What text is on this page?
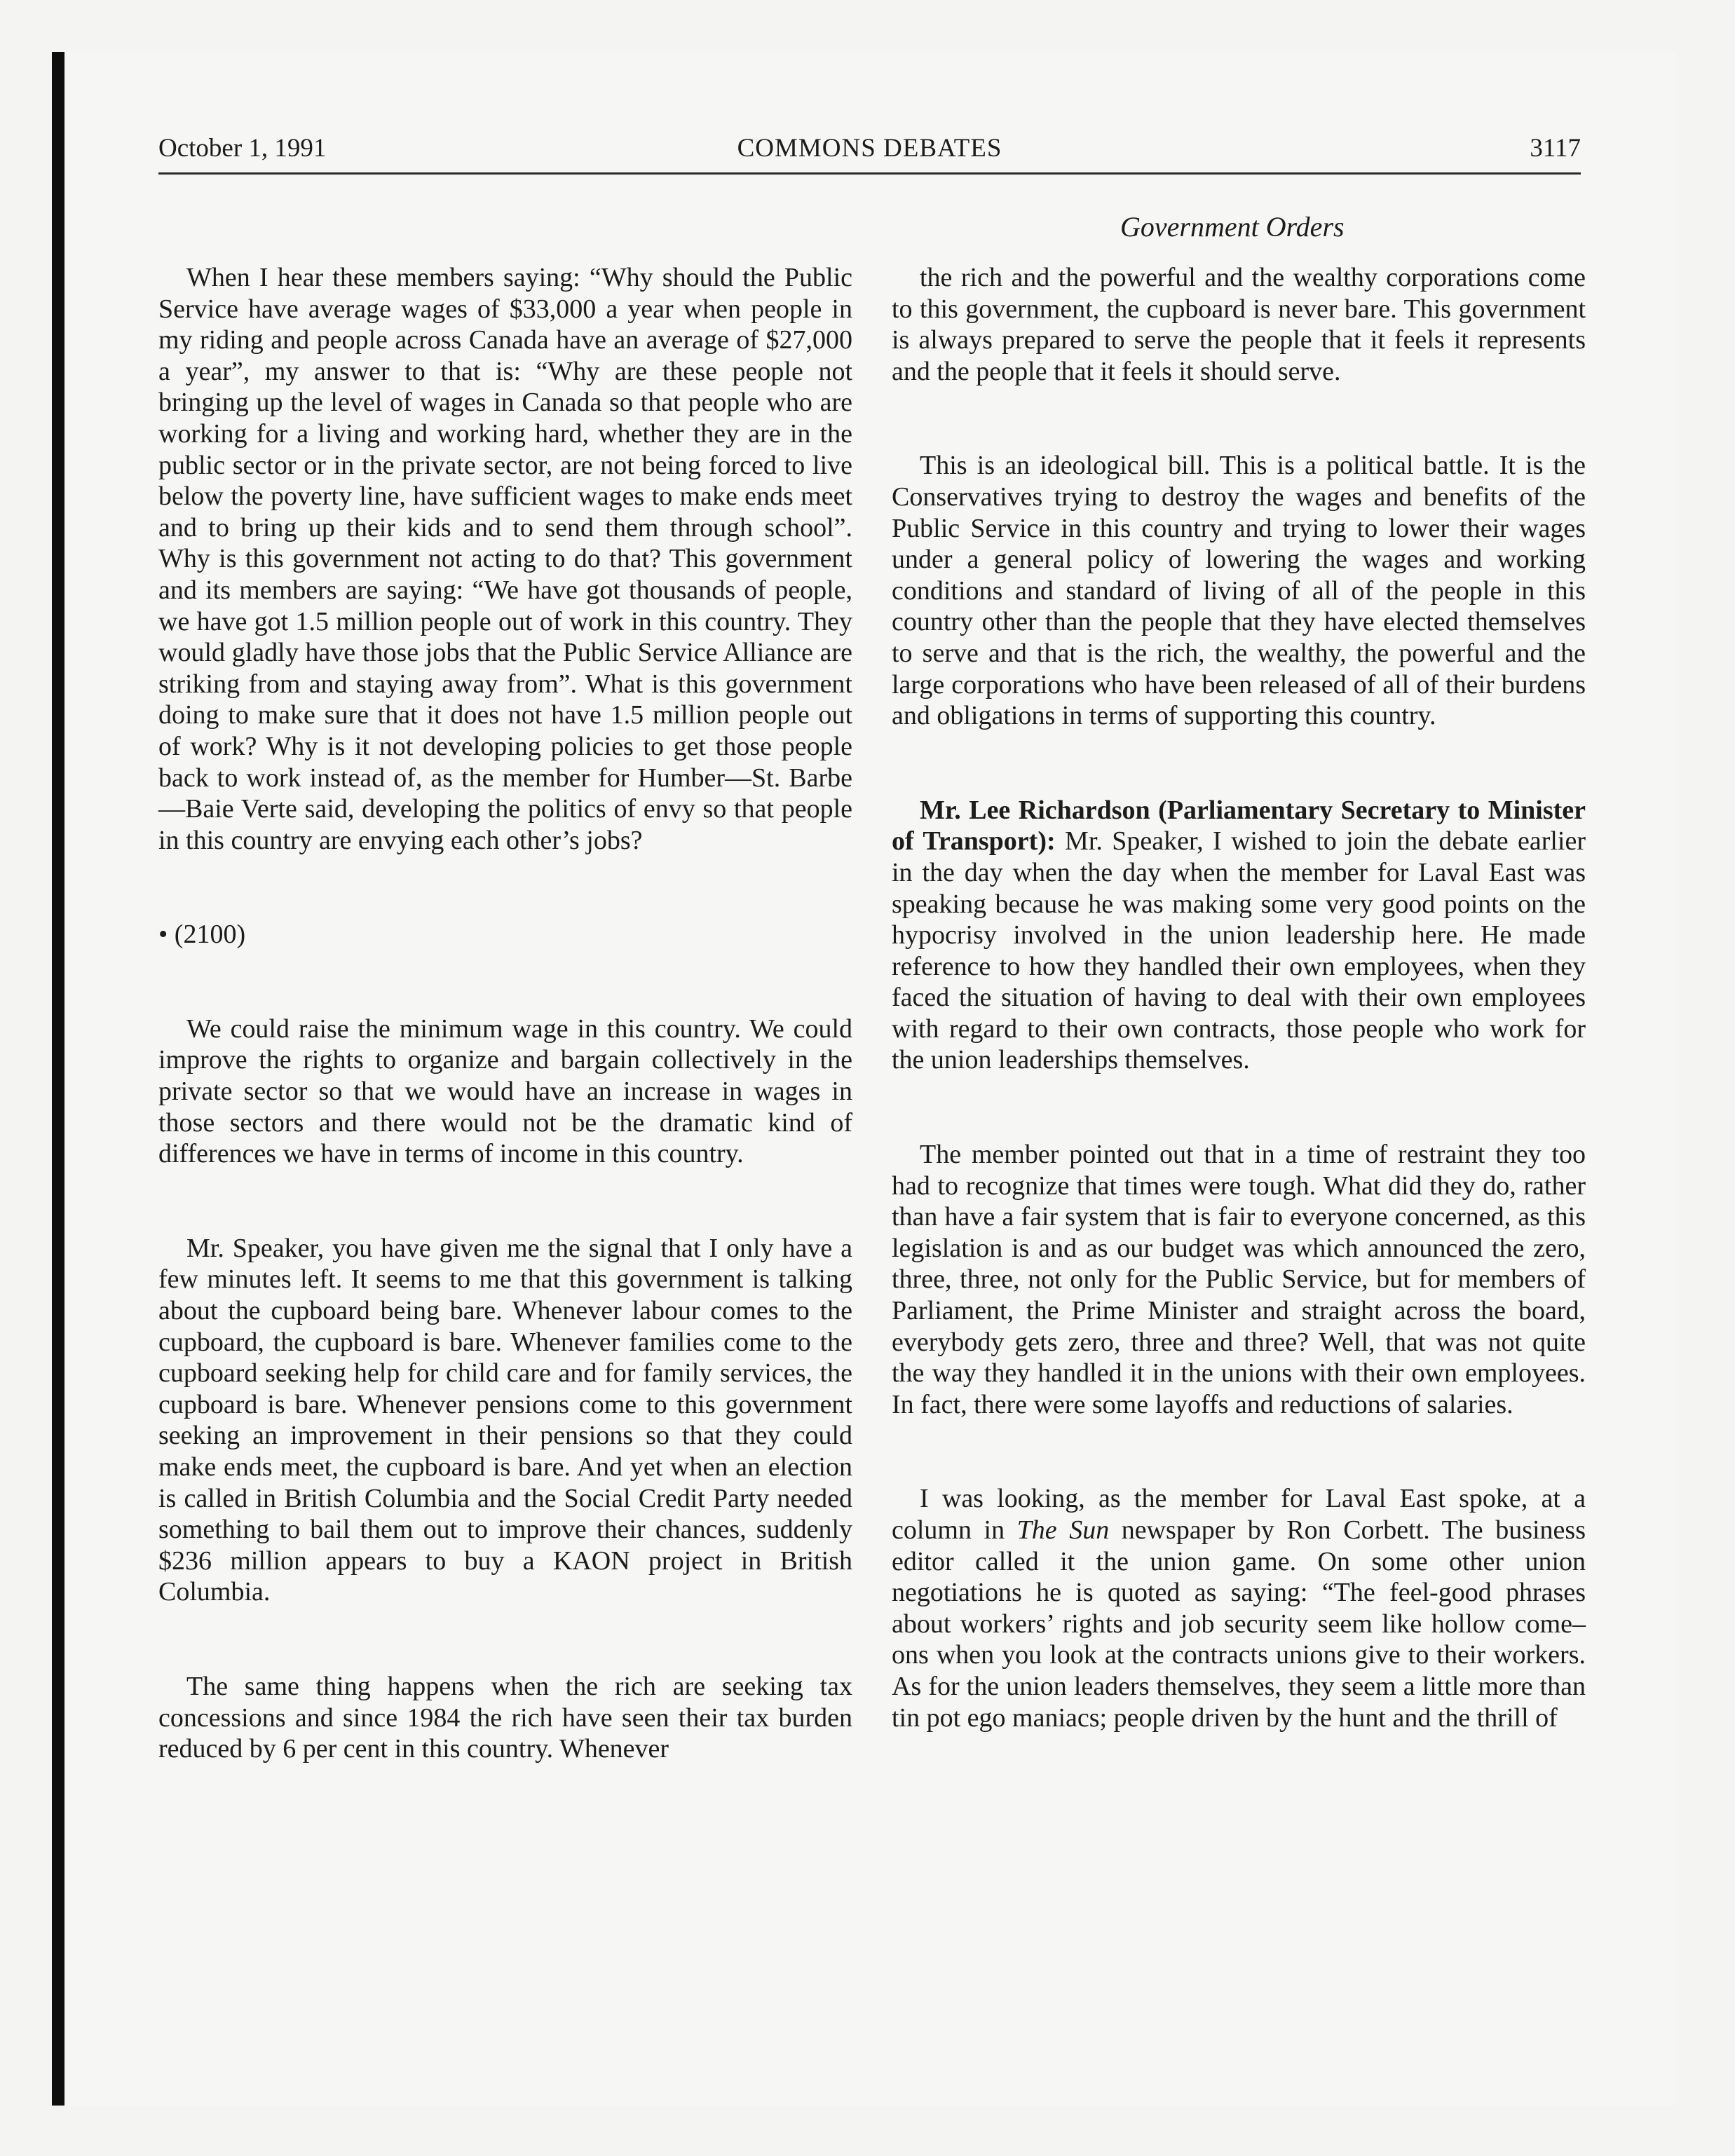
October 1, 1991	COMMONS DEBATES	3117
Government Orders

When I hear these members saying: “Why should the Public Service have average wages of $33,000 a year when people in my riding and people across Canada have an average of $27,000 a year”, my answer to that is: “Why are these people not bringing up the level of wages in Canada so that people who are working for a living and working hard, whether they are in the public sector or in the private sector, are not being forced to live below the poverty line, have sufficient wages to make ends meet and to bring up their kids and to send them through school”. Why is this government not acting to do that? This government and its members are saying: “We have got thousands of people, we have got 1.5 million people out of work in this country. They would gladly have those jobs that the Public Service Alliance are striking from and staying away from”. What is this government doing to make sure that it does not have 1.5 million people out of work? Why is it not developing policies to get those people back to work instead of, as the member for Humber—St. Barbe—Baie Verte said, developing the politics of envy so that people in this country are envying each other’s jobs?

• (2100)

We could raise the minimum wage in this country. We could improve the rights to organize and bargain collectively in the private sector so that we would have an increase in wages in those sectors and there would not be the dramatic kind of differences we have in terms of income in this country.

Mr. Speaker, you have given me the signal that I only have a few minutes left. It seems to me that this government is talking about the cupboard being bare. Whenever labour comes to the cupboard, the cupboard is bare. Whenever families come to the cupboard seeking help for child care and for family services, the cupboard is bare. Whenever pensions come to this government seeking an improvement in their pensions so that they could make ends meet, the cupboard is bare. And yet when an election is called in British Columbia and the Social Credit Party needed something to bail them out to improve their chances, suddenly $236 million appears to buy a KAON project in British Columbia.

The same thing happens when the rich are seeking tax concessions and since 1984 the rich have seen their tax burden reduced by 6 per cent in this country. Whenever

the rich and the powerful and the wealthy corporations come to this government, the cupboard is never bare. This government is always prepared to serve the people that it feels it represents and the people that it feels it should serve.

This is an ideological bill. This is a political battle. It is the Conservatives trying to destroy the wages and benefits of the Public Service in this country and trying to lower their wages under a general policy of lowering the wages and working conditions and standard of living of all of the people in this country other than the people that they have elected themselves to serve and that is the rich, the wealthy, the powerful and the large corporations who have been released of all of their burdens and obligations in terms of supporting this country.

Mr. Lee Richardson (Parliamentary Secretary to Minister of Transport): Mr. Speaker, I wished to join the debate earlier in the day when the day when the member for Laval East was speaking because he was making some very good points on the hypocrisy involved in the union leadership here. He made reference to how they handled their own employees, when they faced the situation of having to deal with their own employees with regard to their own contracts, those people who work for the union leaderships themselves.

The member pointed out that in a time of restraint they too had to recognize that times were tough. What did they do, rather than have a fair system that is fair to everyone concerned, as this legislation is and as our budget was which announced the zero, three, three, not only for the Public Service, but for members of Parliament, the Prime Minister and straight across the board, everybody gets zero, three and three? Well, that was not quite the way they handled it in the unions with their own employees. In fact, there were some layoffs and reductions of salaries.

I was looking, as the member for Laval East spoke, at a column in The Sun newspaper by Ron Corbett. The business editor called it the union game. On some other union negotiations he is quoted as saying: “The feel-good phrases about workers’ rights and job security seem like hollow come–ons when you look at the contracts unions give to their workers. As for the union leaders themselves, they seem a little more than tin pot ego maniacs; people driven by the hunt and the thrill of
